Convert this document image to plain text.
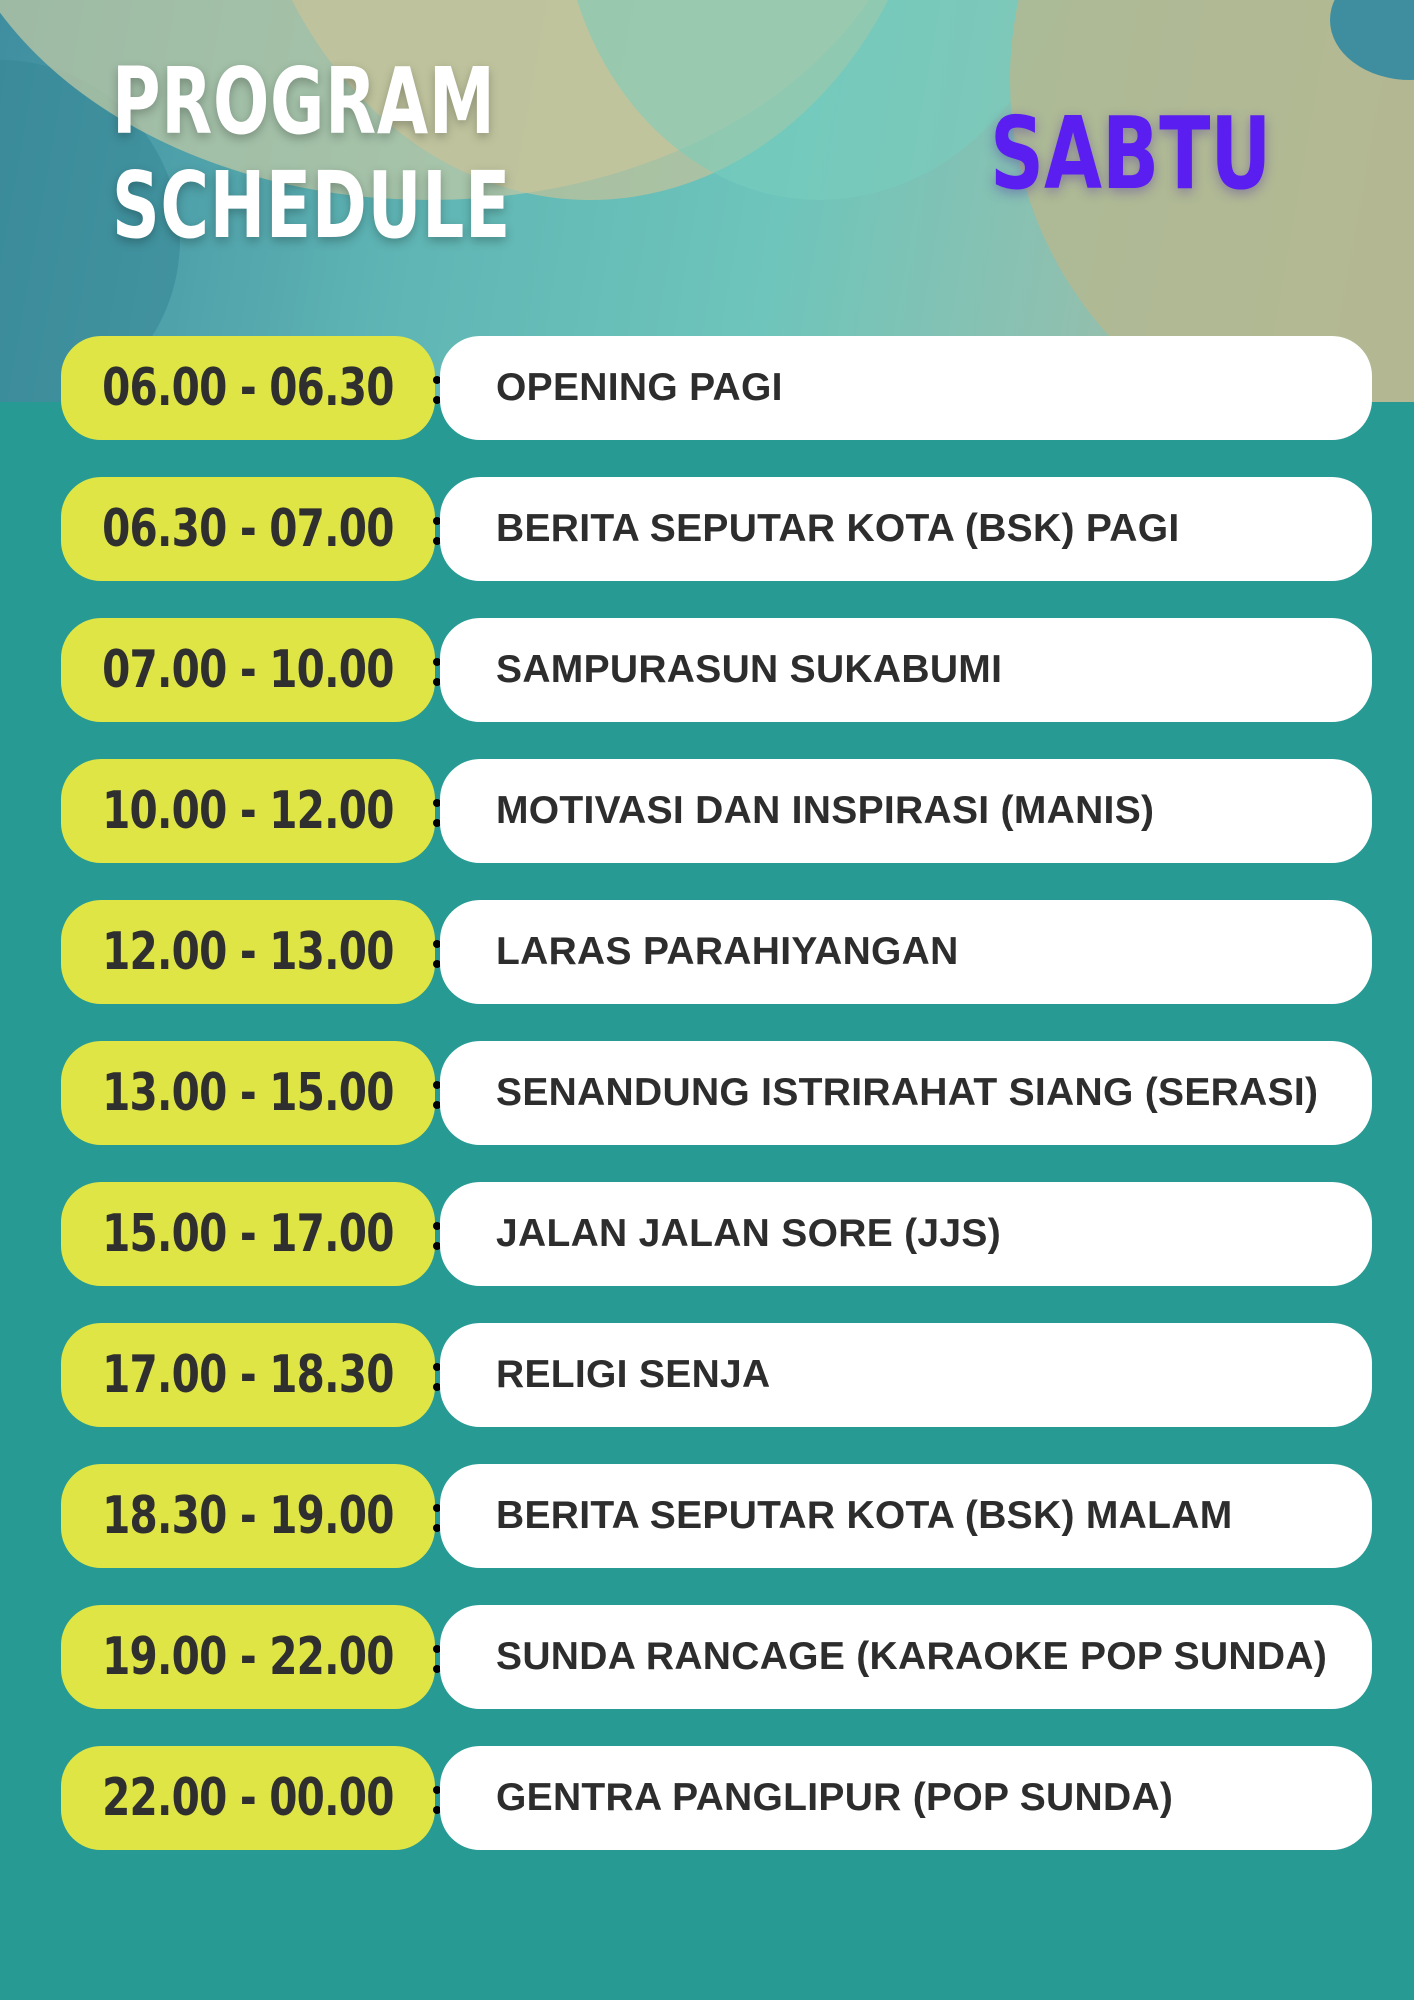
PROGRAM
SCHEDULE	SABTU
06.00 - 06.30	OPENING PAGI
06.30 - 07.00	BERITA SEPUTAR KOTA (BSK) PAGI
07.00 - 10.00	SAMPURASUN SUKABUMI
10.00 - 12.00	MOTIVASI DAN INSPIRASI (MANIS)
12.00 - 13.00	LARAS PARAHIYANGAN
13.00 - 15.00	SENANDUNG ISTRIRAHAT SIANG (SERASI)
15.00 - 17.00	JALAN JALAN SORE (JJS)
17.00 - 18.30	RELIGI SENJA
18.30 - 19.00	BERITA SEPUTAR KOTA (BSK) MALAM
19.00 - 22.00	SUNDA RANCAGE (KARAOKE POP SUNDA)
22.00 - 00.00	GENTRA PANGLIPUR (POP SUNDA)
